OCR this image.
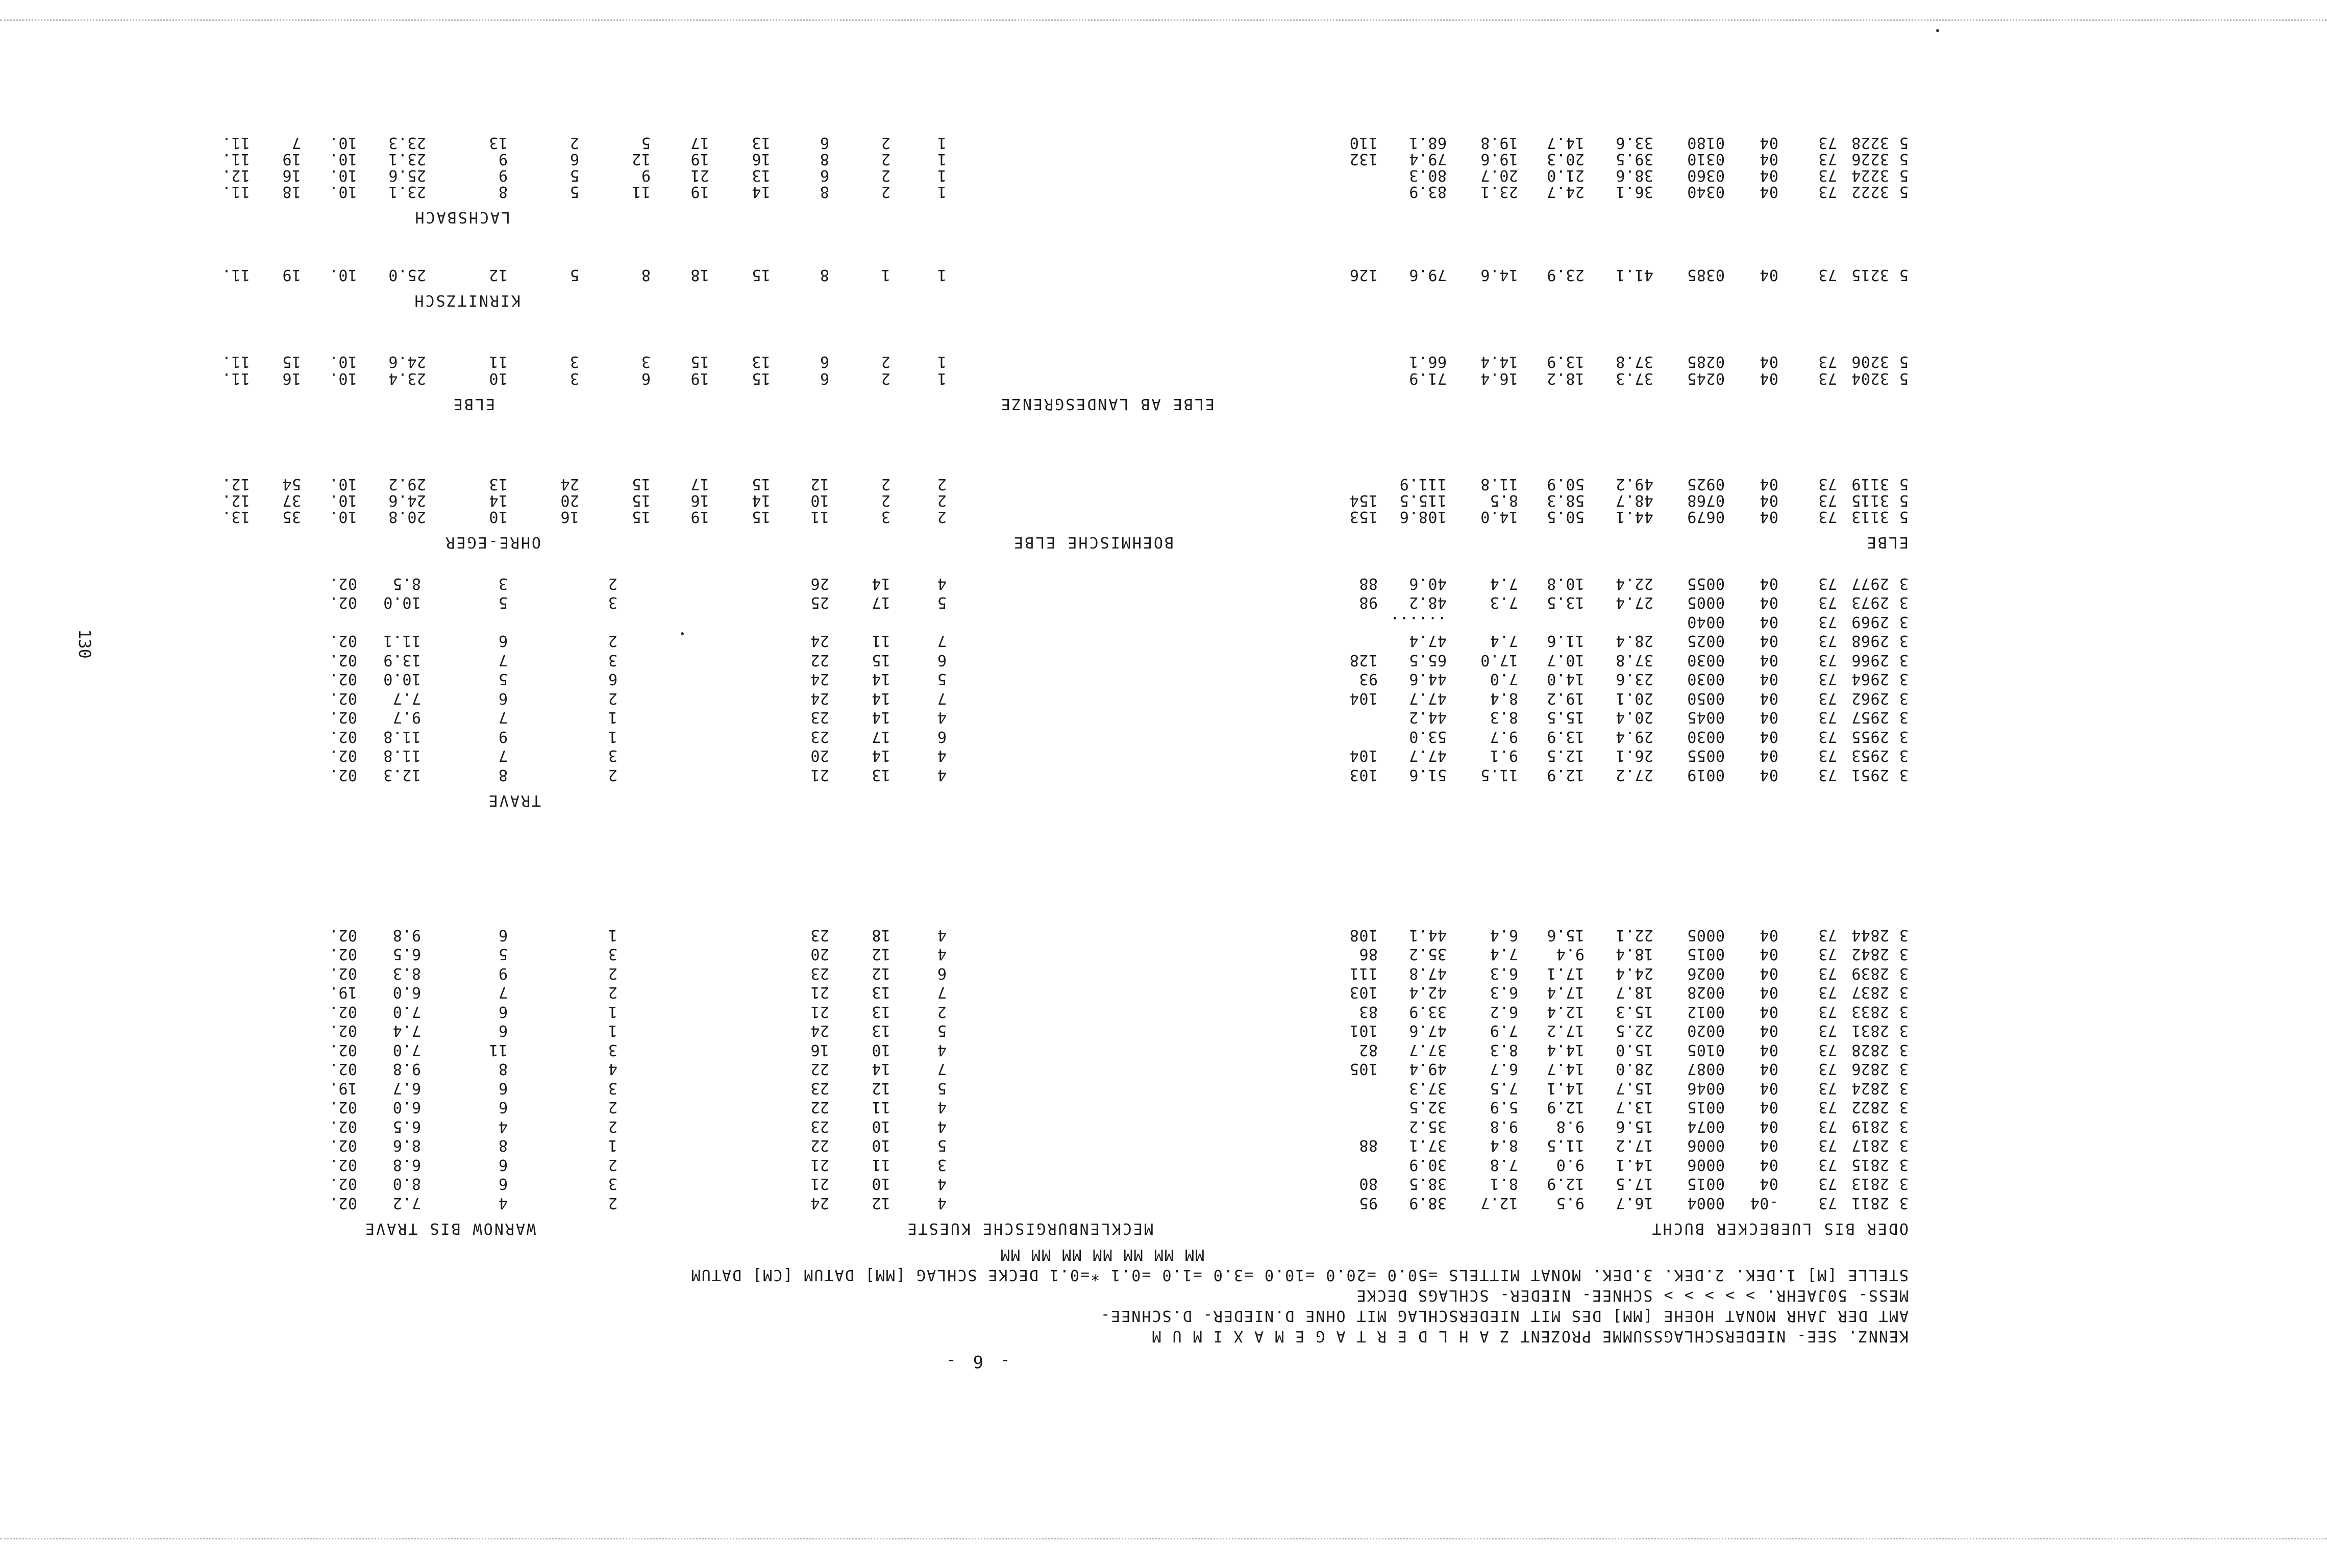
- 6 -
KENNZ. SEE- NIEDERSCHLAGSSUMME PROZENT Z A H L D E R T A G E M A X I M U M
AMT DER JAHR MONAT HOEHE [MM] DES MIT NIEDERSCHLAG MIT OHNE D.NIEDER- D.SCHNEE-
MESS- 50JAEHR. > > > > > SCHNEE- NIEDER- SCHLAGS DECKE
STELLE [M] 1.DEK. 2.DEK. 3.DEK. MONAT MITTELS =50.0 =20.0 =10.0 =3.0 =1.0 =0.1 *=0.1 DECKE SCHLAG [MM] DATUM [CM] DATUM
MM MM MM MM MM MM MM
ODER BIS LUEBECKER BUCHT
MECKLENBURGISCHE KUESTE
WARNOW BIS TRAVE
3
2811
73
-04
0004
16.7
9.5
12.7
38.9
95
4
12
24
2
4
7.2
02.
3
2813
73
04
0015
17.5
12.9
8.1
38.5
80
4
10
21
3
6
8.0
02.
3
2815
73
04
0006
14.1
9.0
7.8
30.9
3
11
21
2
6
6.8
02.
3
2817
73
04
0006
17.2
11.5
8.4
37.1
88
5
10
22
1
8
8.6
02.
3
2819
73
04
0074
15.6
9.8
9.8
35.2
4
10
23
2
4
6.5
02.
3
2822
73
04
0015
13.7
12.9
5.9
32.5
4
11
22
2
6
6.0
02.
3
2824
73
04
0046
15.7
14.1
7.5
37.3
5
12
23
3
6
6.7
19.
3
2826
73
04
0087
28.0
14.7
6.7
49.4
105
7
14
22
4
8
9.8
02.
3
2828
73
04
0105
15.0
14.4
8.3
37.7
82
4
10
16
3
11
7.0
02.
3
2831
73
04
0020
22.5
17.2
7.9
47.6
101
5
13
24
1
6
7.4
02.
3
2833
73
04
0012
15.3
12.4
6.2
33.9
83
2
13
21
1
6
7.0
02.
3
2837
73
04
0028
18.7
17.4
6.3
42.4
103
7
13
21
2
7
6.0
19.
3
2839
73
04
0026
24.4
17.1
6.3
47.8
111
6
12
23
2
9
8.3
02.
3
2842
73
04
0015
18.4
9.4
7.4
35.2
86
4
12
20
3
5
6.5
02.
3
2844
73
04
0005
22.1
15.6
6.4
44.1
108
4
18
23
1
6
9.8
02.
TRAVE
3
2951
73
04
0019
27.2
12.9
11.5
51.6
103
4
13
21
2
8
12.3
02.
3
2953
73
04
0055
26.1
12.5
9.1
47.7
104
4
14
20
3
7
11.8
02.
3
2955
73
04
0030
29.4
13.9
9.7
53.0
6
17
23
1
9
11.8
02.
3
2957
73
04
0045
20.4
15.5
8.3
44.2
4
14
23
1
7
9.7
02.
3
2962
73
04
0050
20.1
19.2
8.4
47.7
104
7
14
24
2
6
7.7
02.
3
2964
73
04
0030
23.6
14.0
7.0
44.6
93
5
14
24
6
5
10.0
02.
3
2966
73
04
0030
37.8
10.7
17.0
65.5
128
6
15
22
3
7
13.9
02.
3
2968
73
04
0025
28.4
11.6
7.4
47.4
7
11
24
2
6
11.1
02.
3
2969
73
04
0040
......
3
2973
73
04
0005
27.4
13.5
7.3
48.2
98
5
17
25
3
5
10.0
02.
3
2977
73
04
0055
22.4
10.8
7.4
40.6
88
4
14
26
2
3
8.5
02.
ELBE
BOEHMISCHE ELBE
OHRE-EGER
5
3113
73
04
0679
44.1
50.5
14.0
108.6
153
2
3
11
15
19
15
16
10
20.8
10.
35
13.
5
3115
73
04
0768
48.7
58.3
8.5
115.5
154
2
2
10
14
16
15
20
14
24.6
10.
37
12.
5
3119
73
04
0925
49.2
50.9
11.8
111.9
2
2
12
15
17
15
24
13
29.2
10.
54
12.
ELBE AB LANDESGRENZE
ELBE
5
3204
73
04
0245
37.3
18.2
16.4
71.9
1
2
6
15
19
6
3
10
23.4
10.
16
11.
5
3206
73
04
0285
37.8
13.9
14.4
66.1
1
2
6
13
15
3
3
11
24.6
10.
15
11.
KIRNITZSCH
5
3215
73
04
0385
41.1
23.9
14.6
79.6
126
1
1
8
15
18
8
5
12
25.0
10.
19
11.
LACHSBACH
5
3222
73
04
0340
36.1
24.7
23.1
83.9
1
2
8
14
19
11
5
8
23.1
10.
18
11.
5
3224
73
04
0360
38.6
21.0
20.7
80.3
1
2
6
13
21
9
5
9
25.6
10.
16
12.
5
3226
73
04
0310
39.5
20.3
19.6
79.4
132
1
2
8
16
19
12
6
9
23.1
10.
19
11.
5
3228
73
04
0180
33.6
14.7
19.8
68.1
110
1
2
6
13
17
5
2
13
23.3
10.
7
11.
130
